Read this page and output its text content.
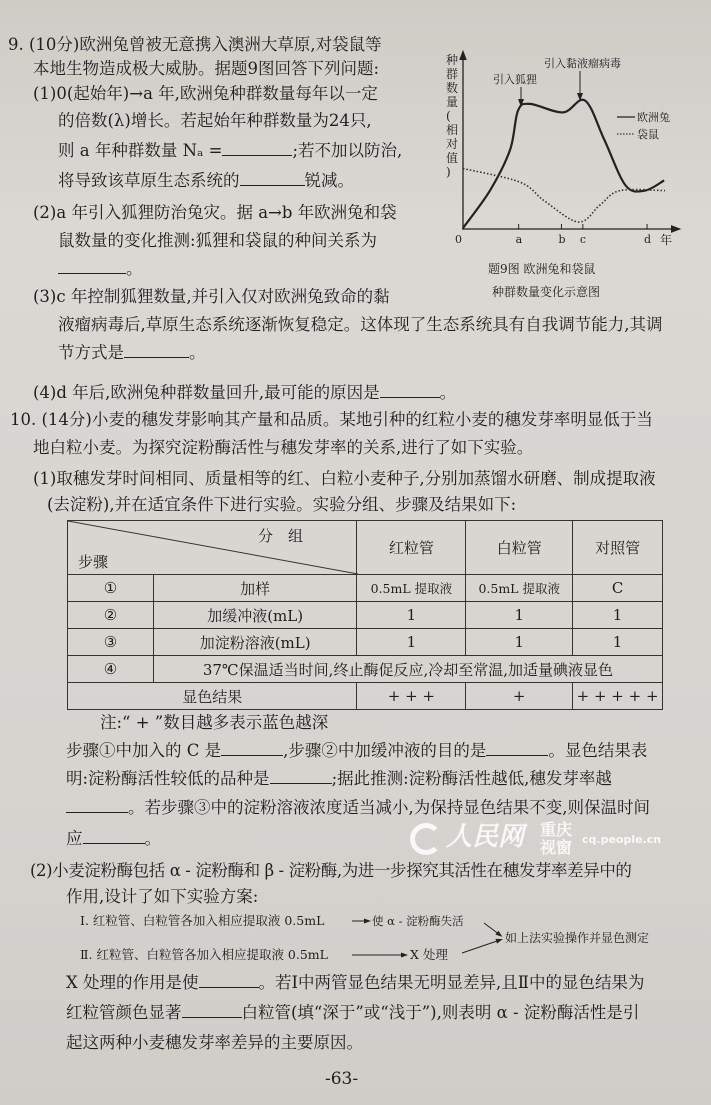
9. (10分)欧洲兔曾被无意携入澳洲大草原,对袋鼠等
本地生物造成极大威胁。据题9图回答下列问题:
(1)0(起始年)→a 年,欧洲兔种群数量每年以一定
的倍数(λ)增长。若起始年种群数量为24只,
则 a 年种群数量 Nₐ =	;若不加以防治,
将导致该草原生态系统的	锐减。
(2)a 年引入狐狸防治兔灾。据 a→b 年欧洲兔和袋
鼠数量的变化推测:狐狸和袋鼠的种间关系为
。
(3)c 年控制狐狸数量,并引入仅对欧洲兔致命的黏
液瘤病毒后,草原生态系统逐渐恢复稳定。这体现了生态系统具有自我调节能力,其调
节方式是	。
(4)d 年后,欧洲兔种群数量回升,最可能的原因是	。
种
群
数
量
(
相
对
值
)
0	a	b c	d 年
引入狐狸
引入黏液瘤病毒
欧洲兔
袋鼠
题9图 欧洲兔和袋鼠
种群数量变化示意图
10. (14分)小麦的穗发芽影响其产量和品质。某地引种的红粒小麦的穗发芽率明显低于当
地白粒小麦。为探究淀粉酶活性与穗发芽率的关系,进行了如下实验。
(1)取穗发芽时间相同、质量相等的红、白粒小麦种子,分别加蒸馏水研磨、制成提取液
(去淀粉),并在适宜条件下进行实验。实验分组、步骤及结果如下:
分　组
步骤		红粒管	白粒管	对照管
①	加样	0.5mL 提取液	0.5mL 提取液	C
②	加缓冲液(mL)	1	1	1
③	加淀粉溶液(mL)	1	1	1
④	37℃保温适当时间,终止酶促反应,冷却至常温,加适量碘液显色			
显色结果		+ + +	+	+ + + + +
注:“ + ”数目越多表示蓝色越深
步骤①中加入的 C 是	,步骤②中加缓冲液的目的是	。显色结果表
明:淀粉酶活性较低的品种是	;据此推测:淀粉酶活性越低,穗发芽率越
。若步骤③中的淀粉溶液浓度适当减小,为保持显色结果不变,则保温时间
应	。
(2)小麦淀粉酶包括 α - 淀粉酶和 β - 淀粉酶,为进一步探究其活性在穗发芽率差异中的
作用,设计了如下实验方案:
Ⅰ. 红粒管、白粒管各加入相应提取液 0.5mL	使 α - 淀粉酶失活
如上法实验操作并显色测定
Ⅱ. 红粒管、白粒管各加入相应提取液 0.5mL	X 处理
X 处理的作用是使	。若Ⅰ中两管显色结果无明显差异,且Ⅱ中的显色结果为
红粒管颜色显著	白粒管(填“深于”或“浅于”),则表明 α - 淀粉酶活性是引
起这两种小麦穗发芽率差异的主要原因。
-63-
人民网 重庆
视窗 cq.people.cn
